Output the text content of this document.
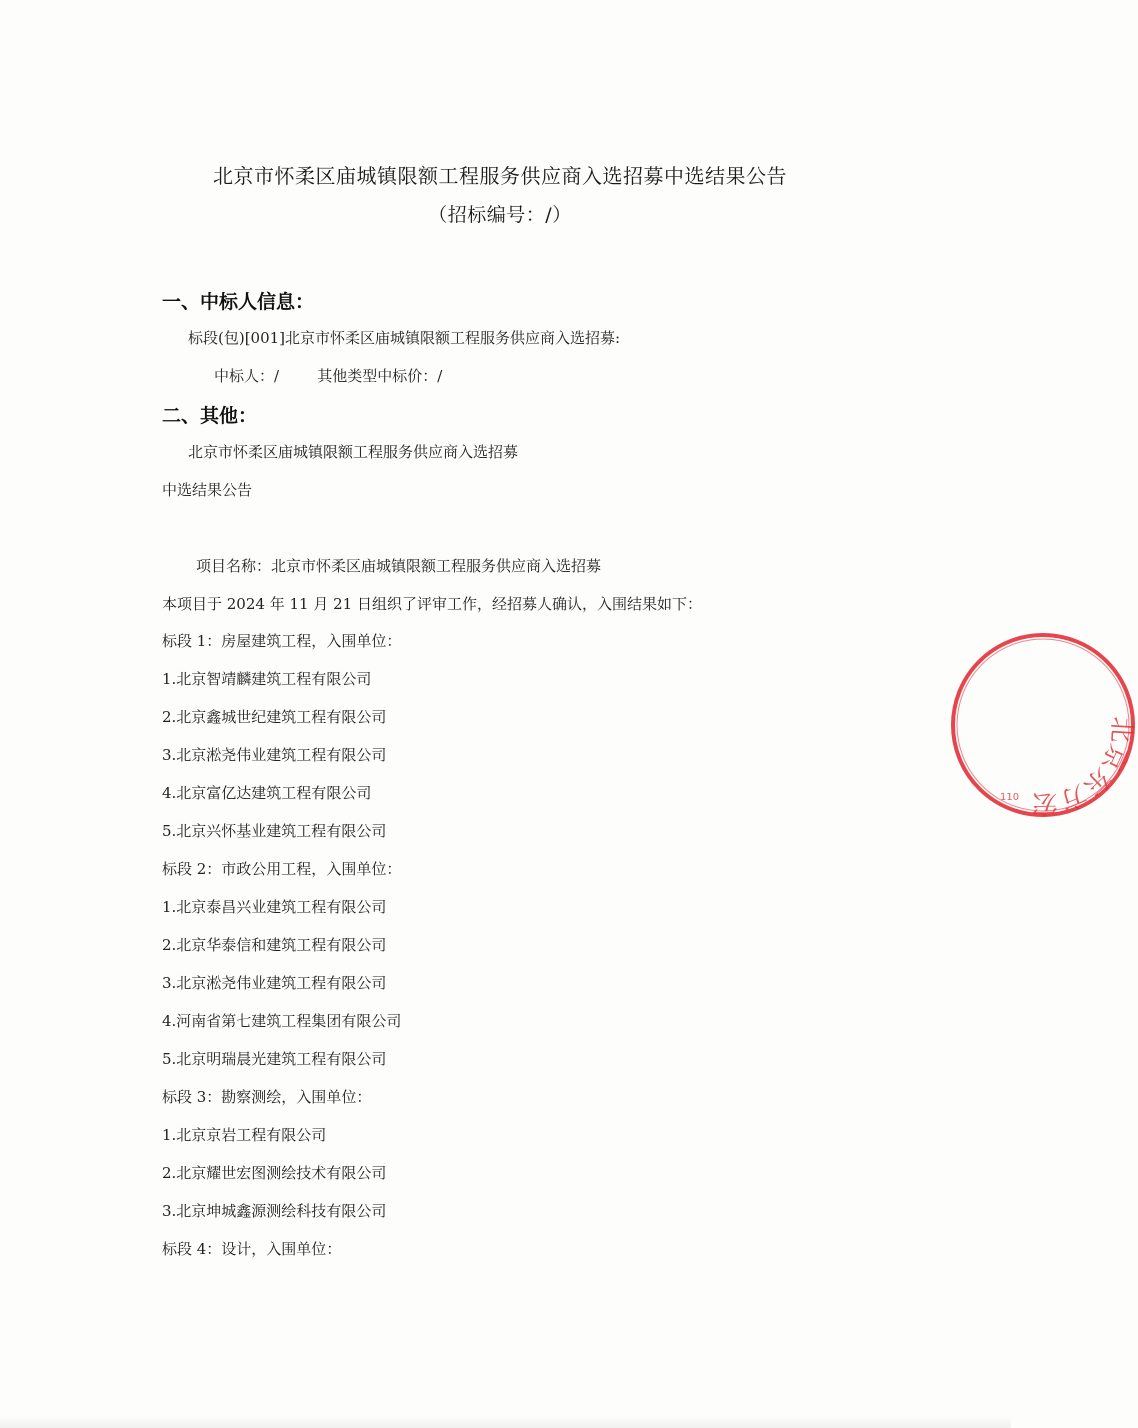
北京市怀柔区庙城镇限额工程服务供应商入选招募中选结果公告
（招标编号：/）
一、中标人信息：
标段(包)[001]北京市怀柔区庙城镇限额工程服务供应商入选招募:
中标人：/        其他类型中标价：/
二、其他：
北京市怀柔区庙城镇限额工程服务供应商入选招募
中选结果公告
项目名称：北京市怀柔区庙城镇限额工程服务供应商入选招募
本项目于 2024 年 11 月 21 日组织了评审工作，经招募人确认，入围结果如下：
标段 1：房屋建筑工程，入围单位：
1.北京智靖麟建筑工程有限公司
2.北京鑫城世纪建筑工程有限公司
3.北京淞尧伟业建筑工程有限公司
4.北京富亿达建筑工程有限公司
5.北京兴怀基业建筑工程有限公司
标段 2：市政公用工程，入围单位：
1.北京泰昌兴业建筑工程有限公司
2.北京华泰信和建筑工程有限公司
3.北京淞尧伟业建筑工程有限公司
4.河南省第七建筑工程集团有限公司
5.北京明瑞晨光建筑工程有限公司
标段 3：勘察测绘，入围单位：
1.北京京岩工程有限公司
2.北京耀世宏图测绘技术有限公司
3.北京坤城鑫源测绘科技有限公司
标段 4：设计，入围单位：
北京东方宏
110
